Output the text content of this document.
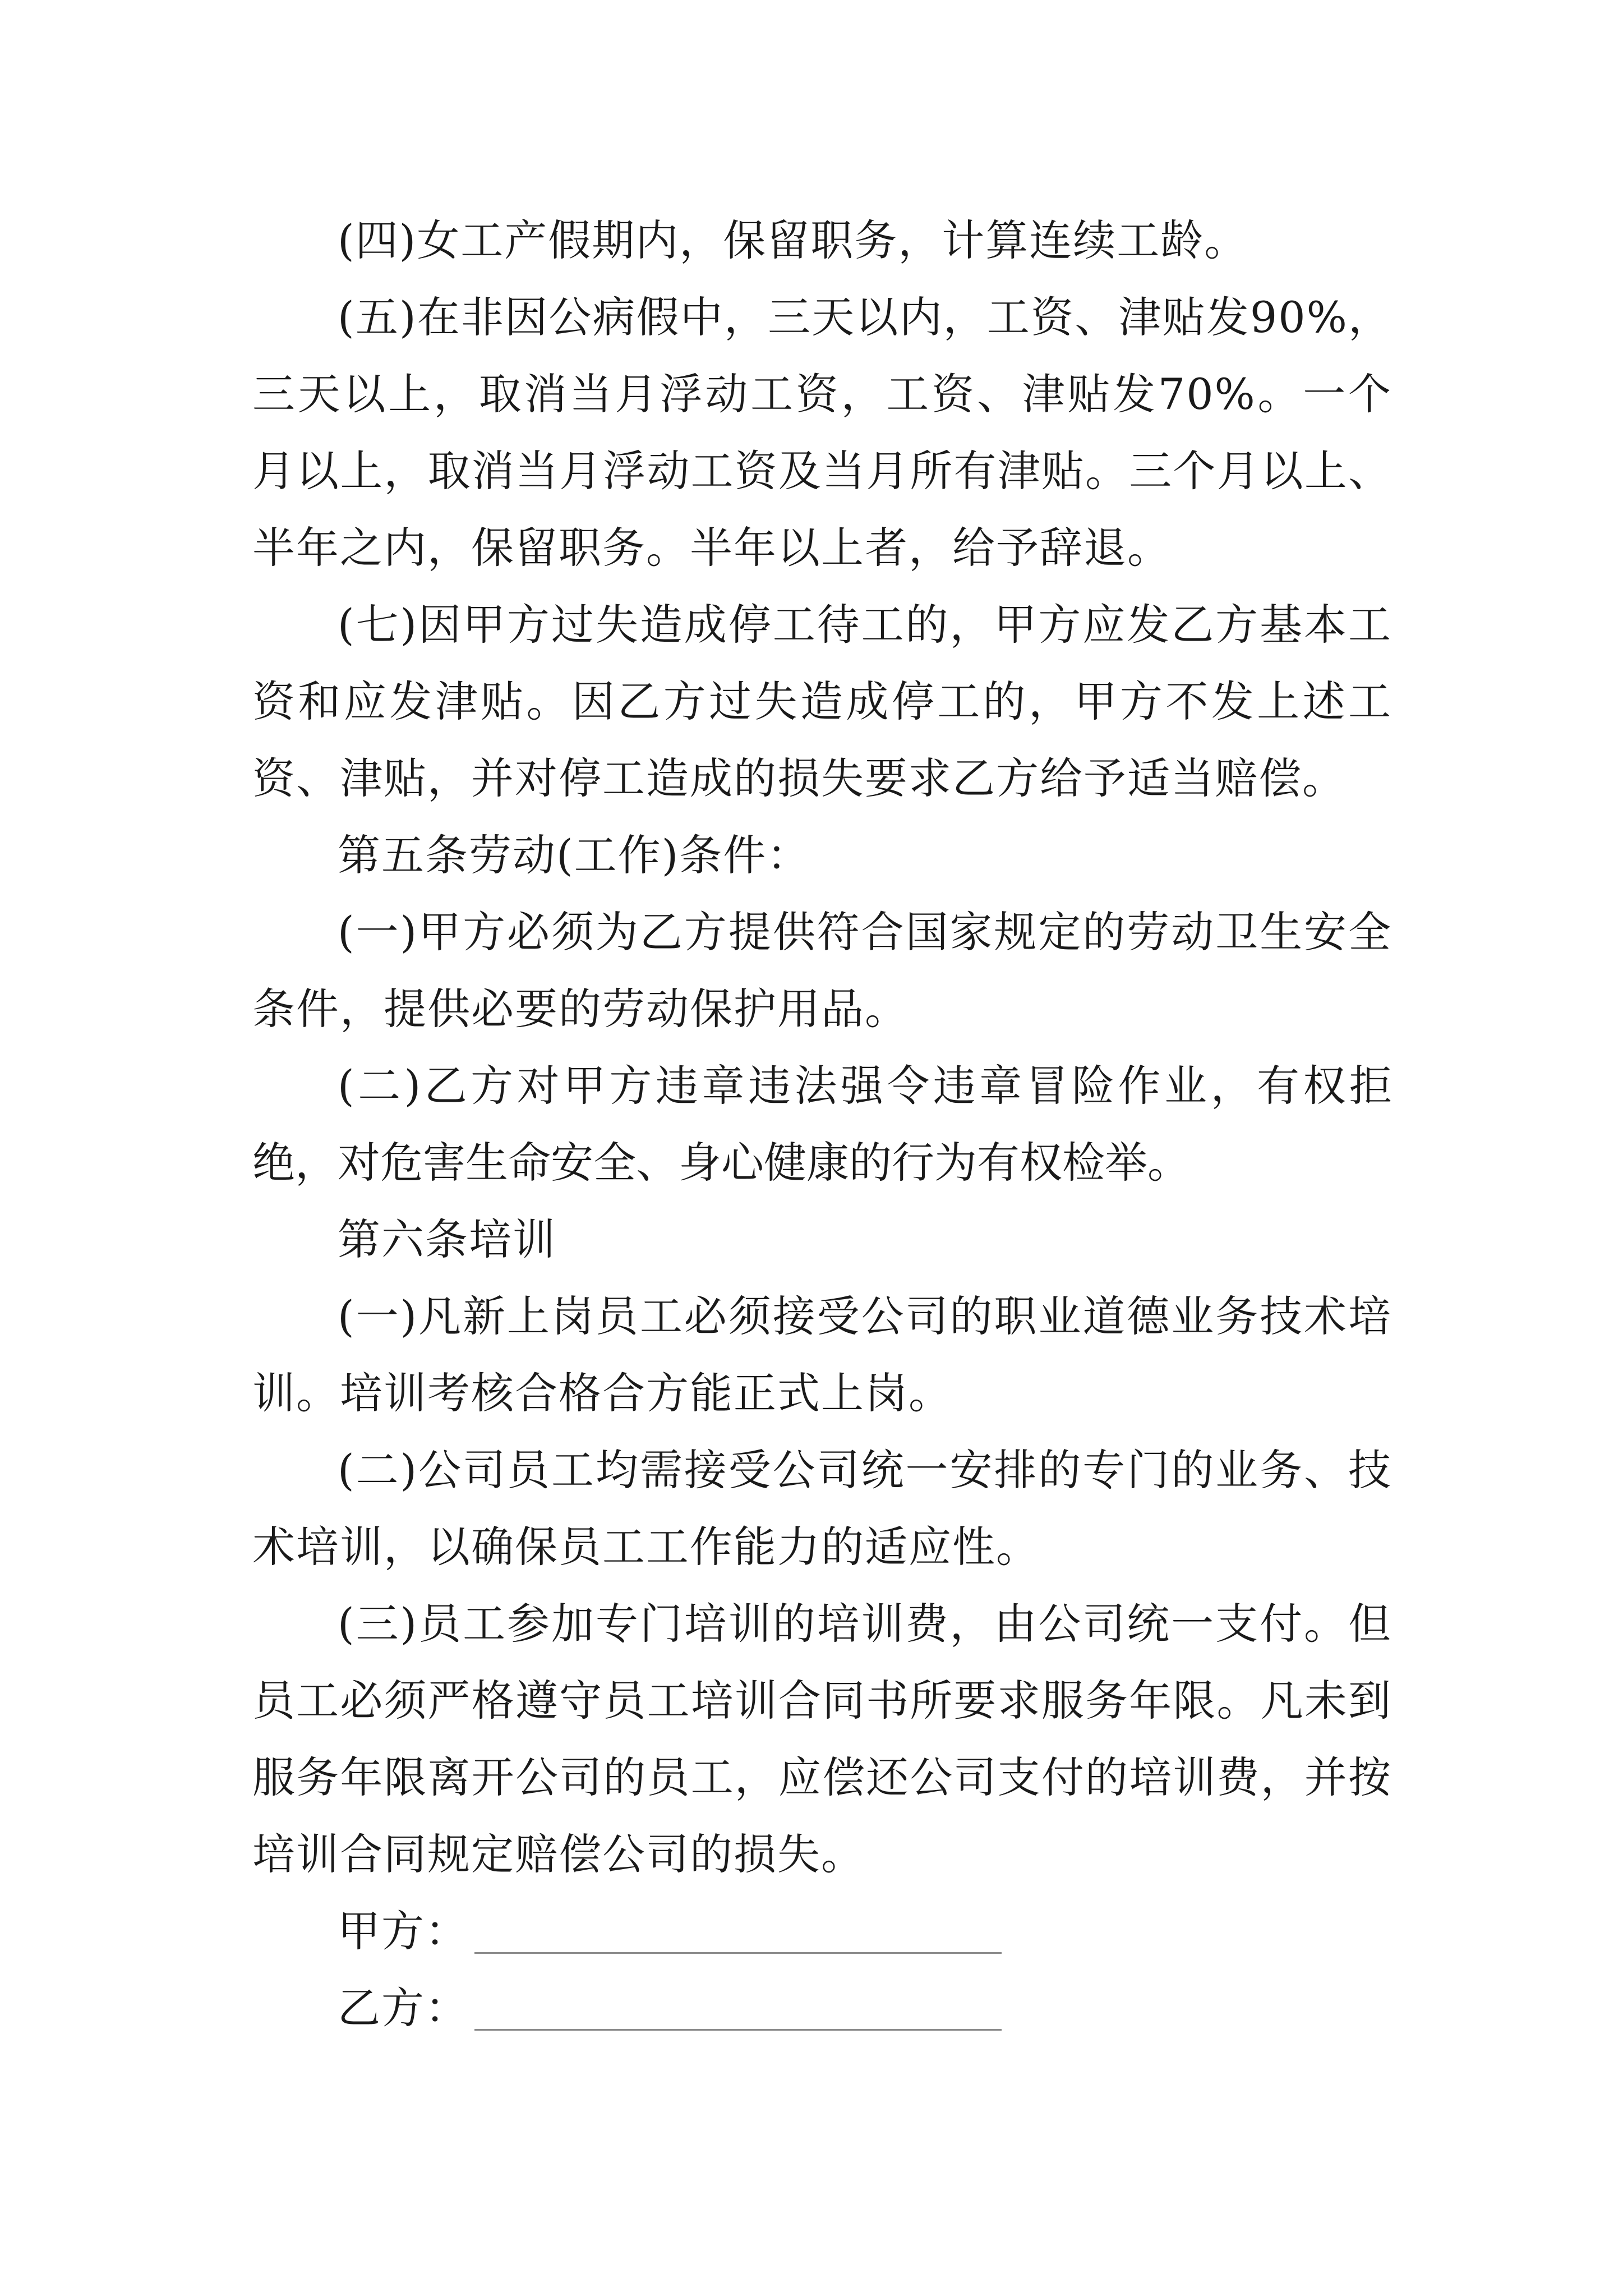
(四)女工产假期内，保留职务，计算连续工龄。

(五)在非因公病假中，三天以内，工资、津贴发90%，三天以上，取消当月浮动工资，工资、津贴发70%。一个月以上，取消当月浮动工资及当月所有津贴。三个月以上、半年之内，保留职务。半年以上者，给予辞退。

(七)因甲方过失造成停工待工的，甲方应发乙方基本工资和应发津贴。因乙方过失造成停工的，甲方不发上述工资、津贴，并对停工造成的损失要求乙方给予适当赔偿。

第五条劳动(工作)条件：

(一)甲方必须为乙方提供符合国家规定的劳动卫生安全条件，提供必要的劳动保护用品。

(二)乙方对甲方违章违法强令违章冒险作业，有权拒绝，对危害生命安全、身心健康的行为有权检举。

第六条培训

(一)凡新上岗员工必须接受公司的职业道德业务技术培训。培训考核合格合方能正式上岗。

(二)公司员工均需接受公司统一安排的专门的业务、技术培训，以确保员工工作能力的适应性。

(三)员工参加专门培训的培训费，由公司统一支付。但员工必须严格遵守员工培训合同书所要求服务年限。凡未到服务年限离开公司的员工，应偿还公司支付的培训费，并按培训合同规定赔偿公司的损失。

甲方：
乙方：
